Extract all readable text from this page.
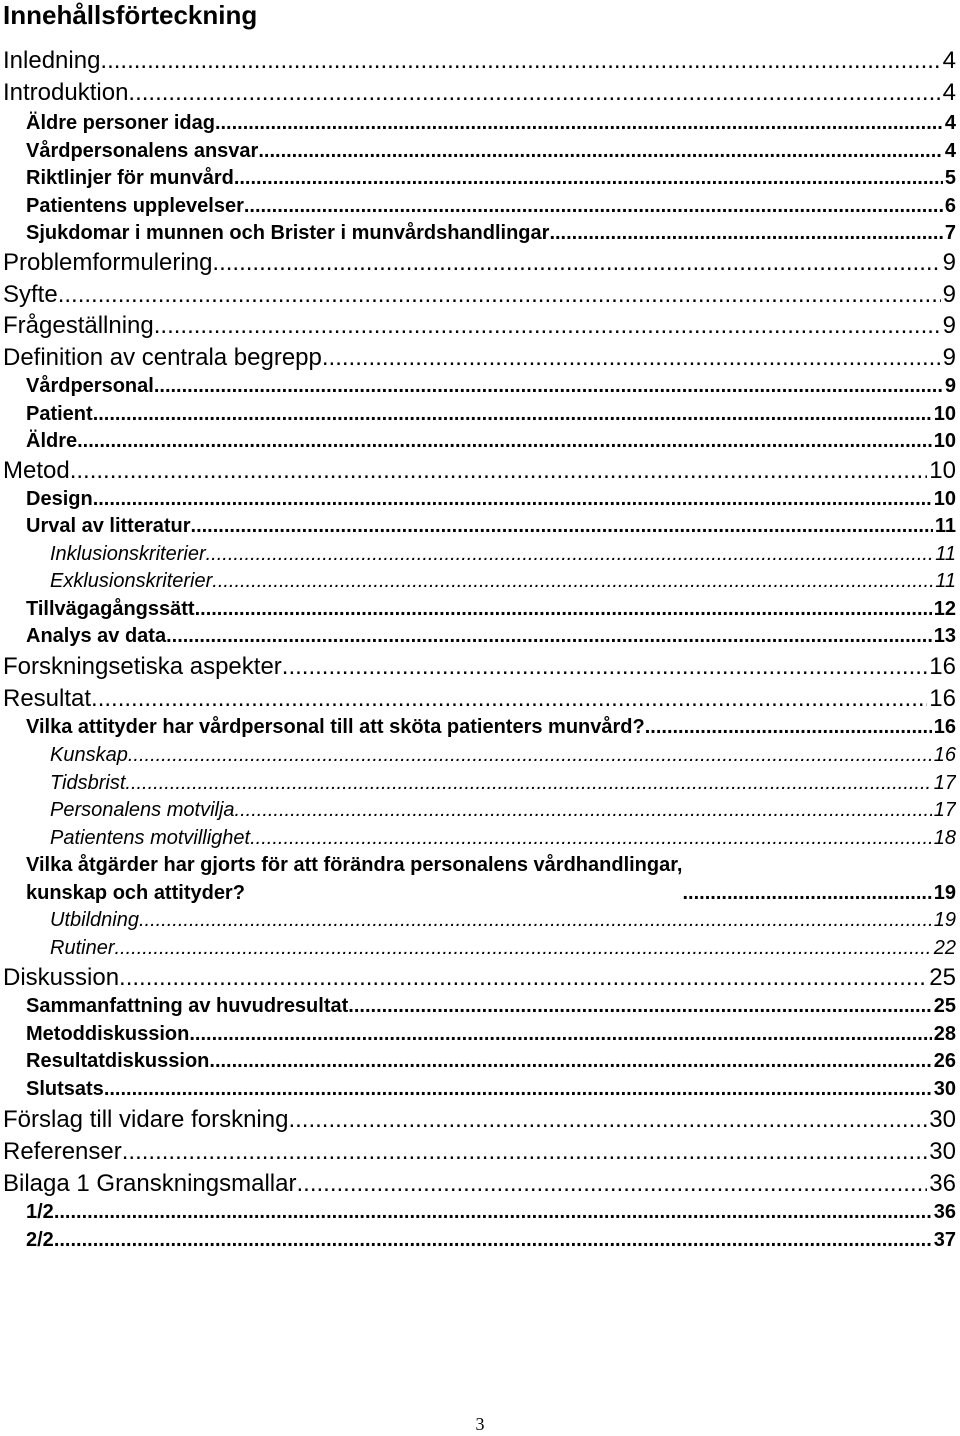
Innehållsförteckning
Inledning .....	4
Introduktion .....	4
Äldre personer idag .....	4
Vårdpersonalens ansvar .....	4
Riktlinjer för munvård .....	5
Patientens upplevelser .....	6
Sjukdomar i munnen och Brister i munvårdshandlingar .....	7
Problemformulering .....	9
Syfte .....	9
Frågeställning .....	9
Definition av centrala begrepp .....	9
Vårdpersonal .....	9
Patient .....	10
Äldre .....	10
Metod .....	10
Design .....	10
Urval av litteratur .....	11
Inklusionskriterier .....	11
Exklusionskriterier .....	11
Tillvägagångssätt .....	12
Analys av data .....	13
Forskningsetiska aspekter .....	16
Resultat .....	16
Vilka attityder har vårdpersonal till att sköta patienters munvård? .....	16
Kunskap .....	16
Tidsbrist .....	17
Personalens motvilja .....	17
Patientens motvillighet .....	18
Vilka åtgärder har gjorts för att förändra personalens vårdhandlingar,
kunskap och attityder? .....	19
Utbildning .....	19
Rutiner .....	22
Diskussion .....	25
Sammanfattning av huvudresultat .....	25
Metoddiskussion .....	28
Resultatdiskussion .....	26
Slutsats .....	30
Förslag till vidare forskning .....	30
Referenser .....	30
Bilaga 1 Granskningsmallar .....	36
1/2 .....	36
2/2 .....	37
3
